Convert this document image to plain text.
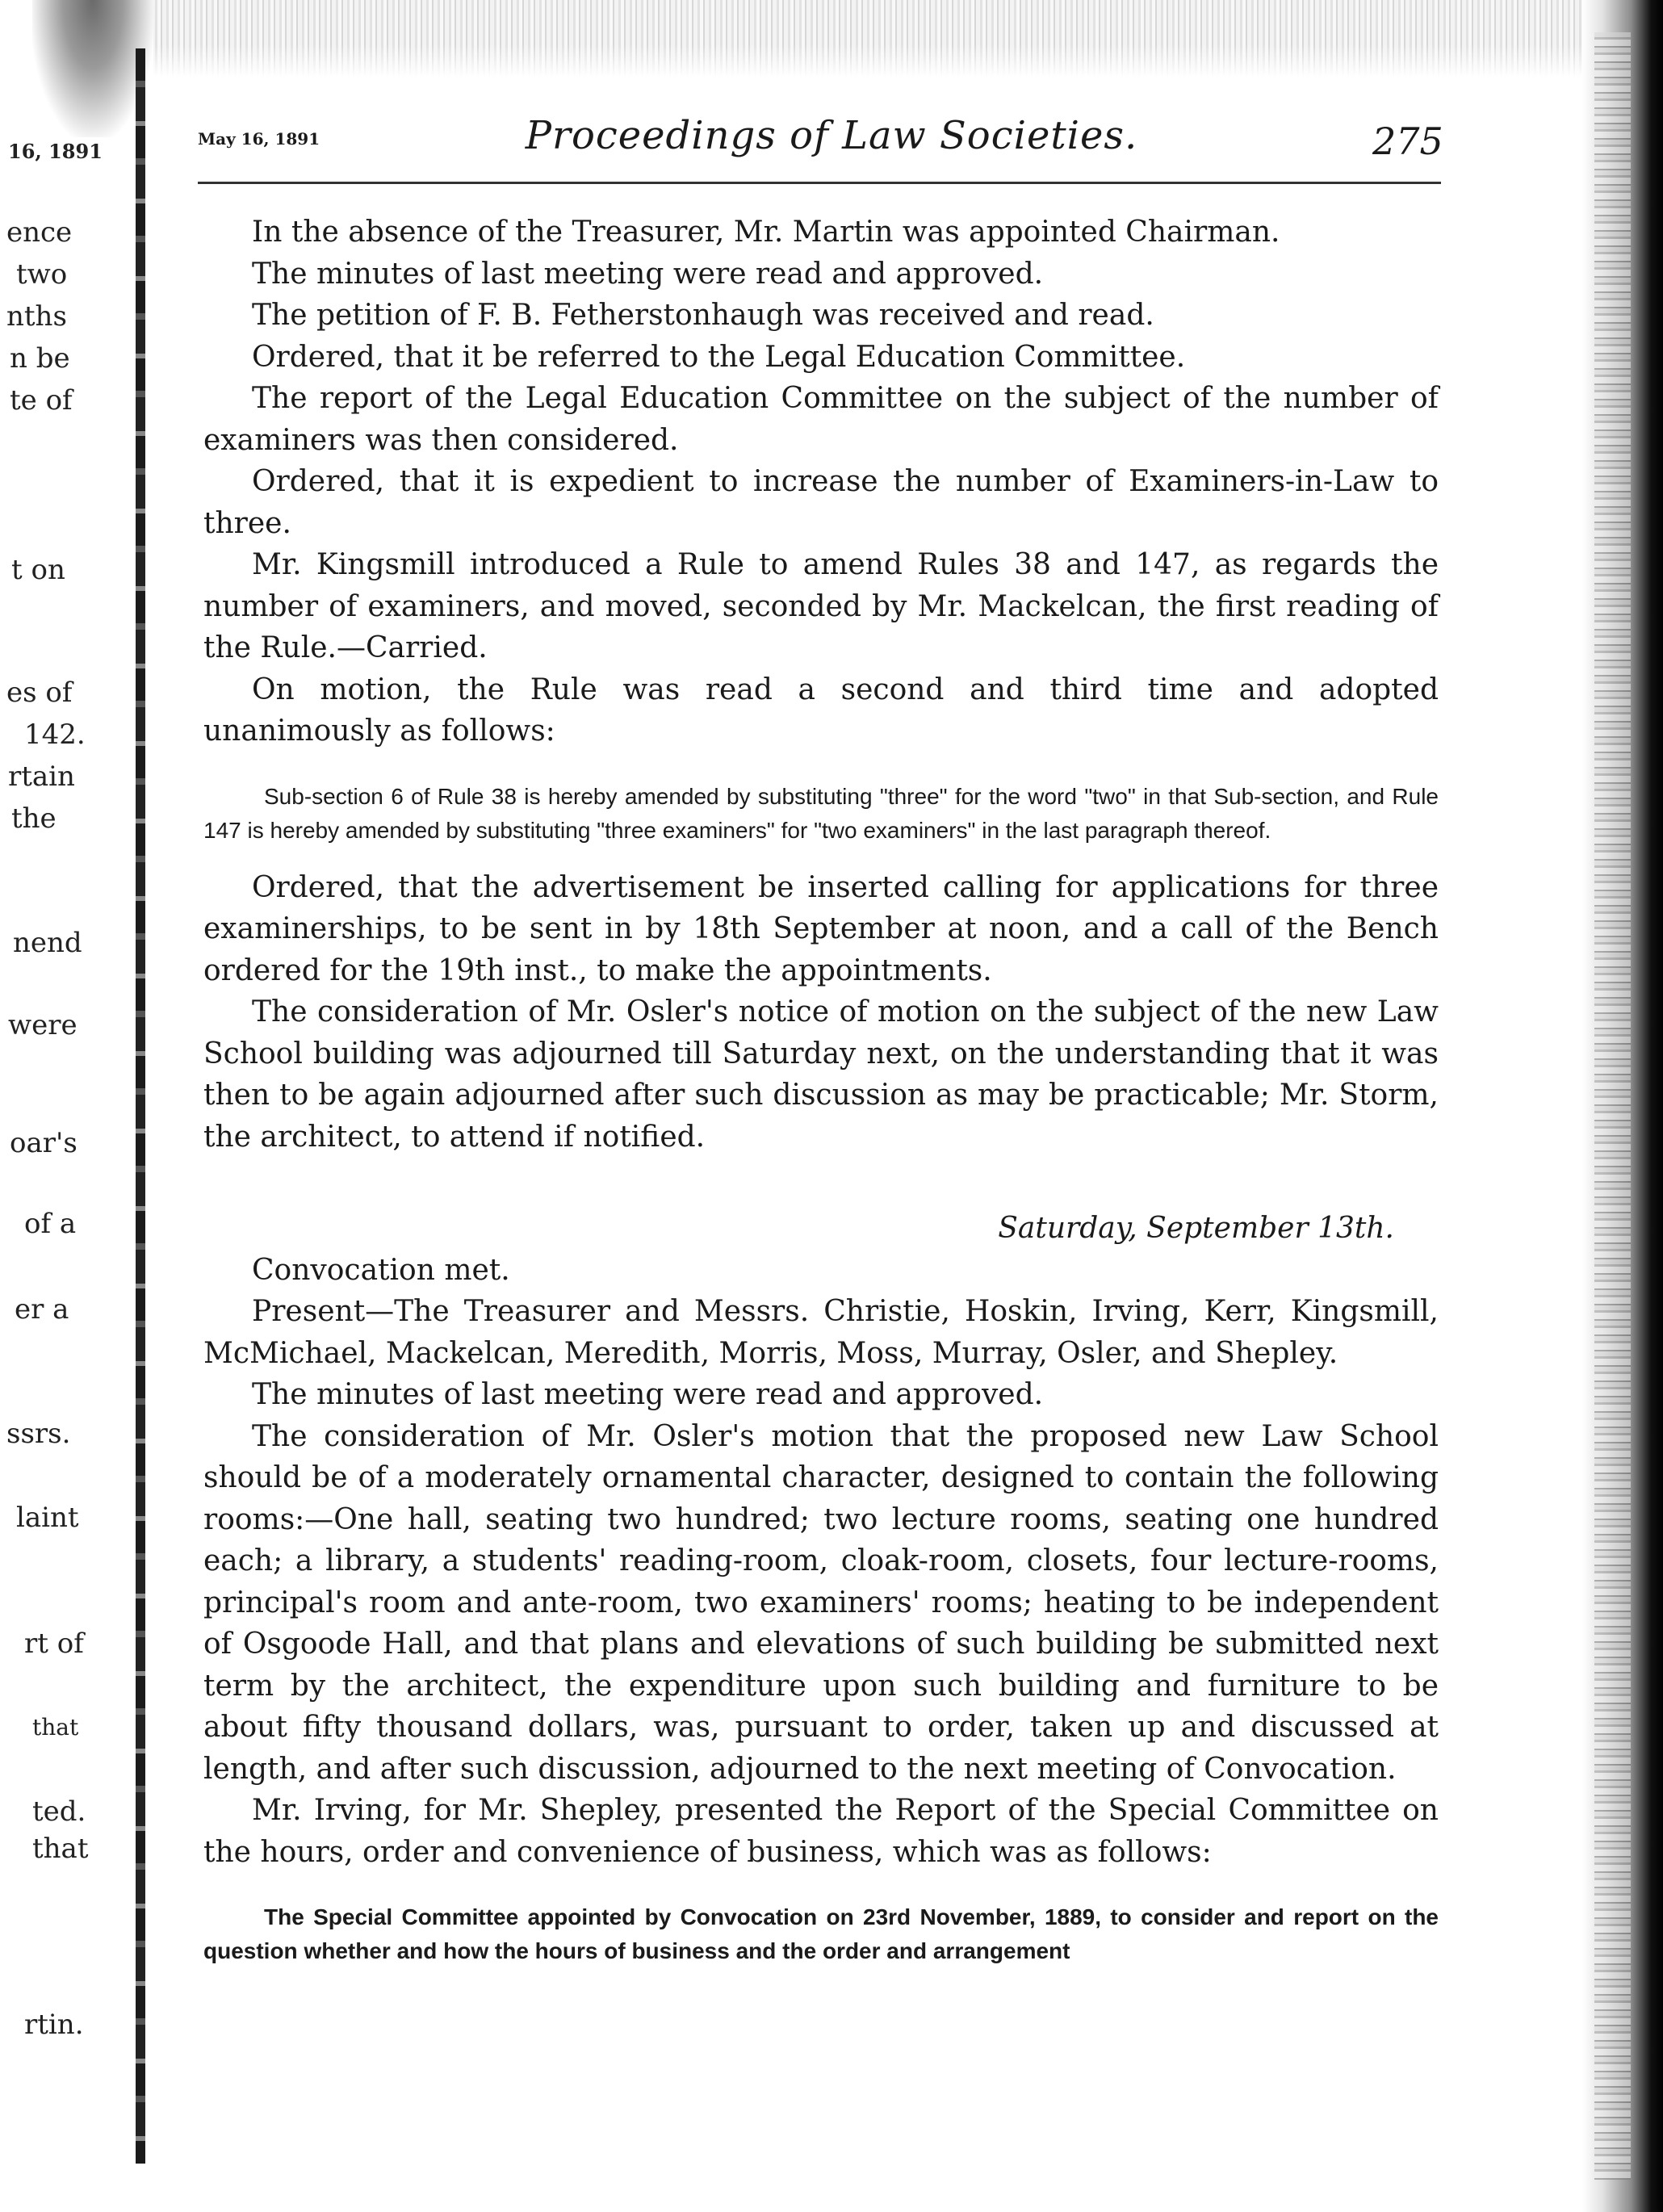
16, 1891
ence
two
nths
n be
te of
t on
es of
142.
rtain
the
nend
were
oar's
of a
er a
ssrs.
laint
rt of
that
ted.
that
rtin.
May 16, 1891	Proceedings of Law Societies.	275

In the absence of the Treasurer, Mr. Martin was appointed Chairman.

The minutes of last meeting were read and approved.

The petition of F. B. Fetherstonhaugh was received and read.

Ordered, that it be referred to the Legal Education Committee.

The report of the Legal Education Committee on the subject of the number of examiners was then considered.

Ordered, that it is expedient to increase the number of Examiners-in-Law to three.

Mr. Kingsmill introduced a Rule to amend Rules 38 and 147, as regards the number of examiners, and moved, seconded by Mr. Mackelcan, the first reading of the Rule.—Carried.

On motion, the Rule was read a second and third time and adopted unanimously as follows:

Sub-section 6 of Rule 38 is hereby amended by substituting "three" for the word "two" in that Sub-section, and Rule 147 is hereby amended by substituting "three examiners" for "two examiners" in the last paragraph thereof.

Ordered, that the advertisement be inserted calling for applications for three examinerships, to be sent in by 18th September at noon, and a call of the Bench ordered for the 19th inst., to make the appointments.

The consideration of Mr. Osler's notice of motion on the subject of the new Law School building was adjourned till Saturday next, on the understanding that it was then to be again adjourned after such discussion as may be practicable; Mr. Storm, the architect, to attend if notified.

Saturday, September 13th.

Convocation met.

Present—The Treasurer and Messrs. Christie, Hoskin, Irving, Kerr, Kingsmill, McMichael, Mackelcan, Meredith, Morris, Moss, Murray, Osler, and Shepley.

The minutes of last meeting were read and approved.

The consideration of Mr. Osler's motion that the proposed new Law School should be of a moderately ornamental character, designed to contain the following rooms:—One hall, seating two hundred; two lecture rooms, seating one hundred each; a library, a students' reading-room, cloak-room, closets, four lecture-rooms, principal's room and ante-room, two examiners' rooms; heating to be independent of Osgoode Hall, and that plans and elevations of such building be submitted next term by the architect, the expenditure upon such building and furniture to be about fifty thousand dollars, was, pursuant to order, taken up and discussed at length, and after such discussion, adjourned to the next meeting of Convocation.

Mr. Irving, for Mr. Shepley, presented the Report of the Special Committee on the hours, order and convenience of business, which was as follows:

The Special Committee appointed by Convocation on 23rd November, 1889, to consider and report on the question whether and how the hours of business and the order and arrangement
